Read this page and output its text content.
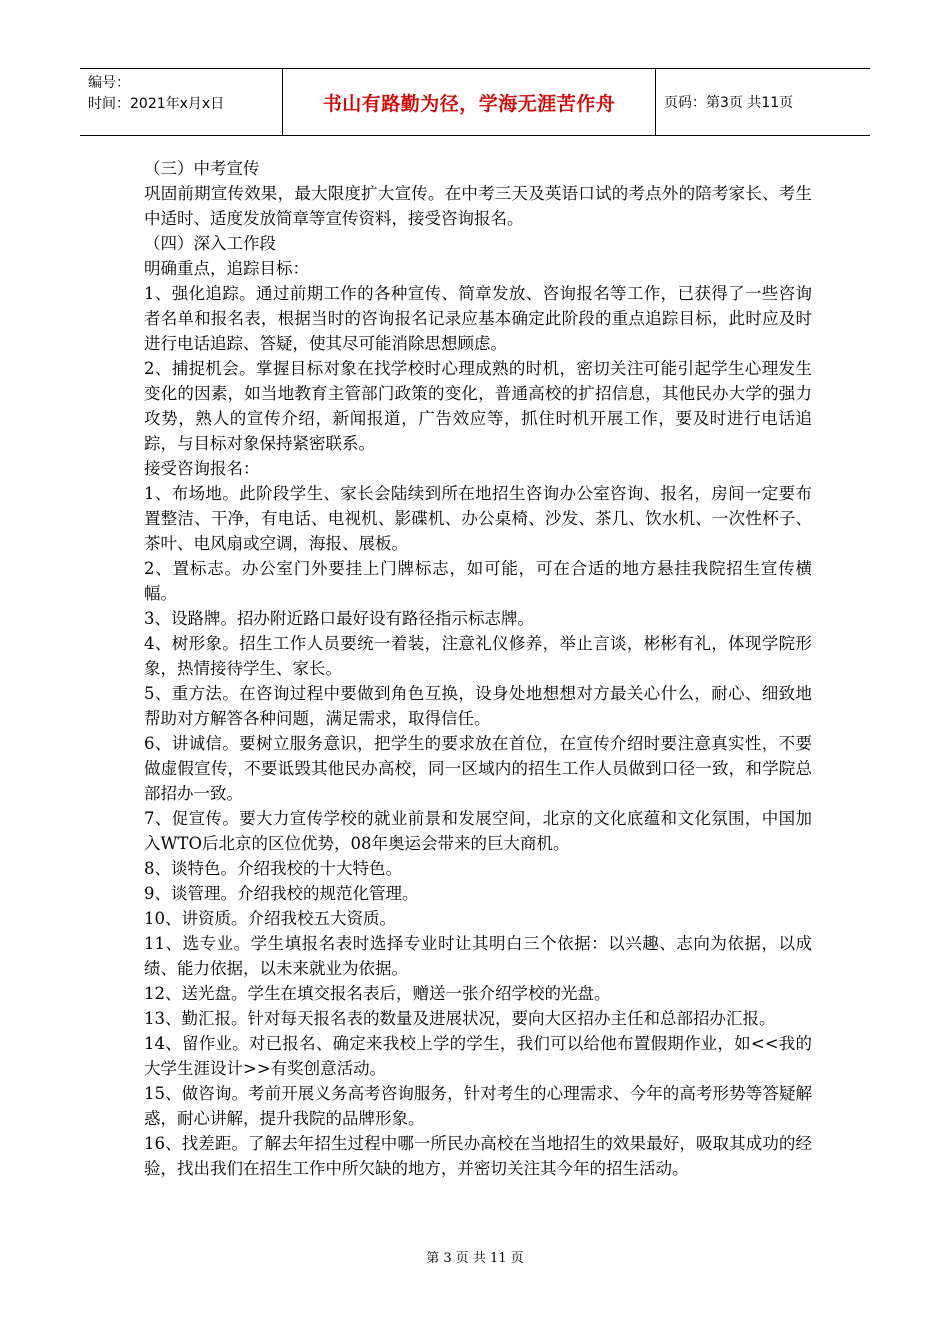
编号：
时间：2021年x月x日	书山有路勤为径，学海无涯苦作舟	页码：第3页 共11页

（三）中考宣传

巩固前期宣传效果，最大限度扩大宣传。在中考三天及英语口试的考点外的陪考家长、考生中适时、适度发放简章等宣传资料，接受咨询报名。

（四）深入工作段

明确重点，追踪目标：

1、强化追踪。通过前期工作的各种宣传、简章发放、咨询报名等工作，已获得了一些咨询者名单和报名表，根据当时的咨询报名记录应基本确定此阶段的重点追踪目标，此时应及时进行电话追踪、答疑，使其尽可能消除思想顾虑。

2、捕捉机会。掌握目标对象在找学校时心理成熟的时机，密切关注可能引起学生心理发生变化的因素，如当地教育主管部门政策的变化，普通高校的扩招信息，其他民办大学的强力攻势，熟人的宣传介绍，新闻报道，广告效应等，抓住时机开展工作，要及时进行电话追踪，与目标对象保持紧密联系。

接受咨询报名：

1、布场地。此阶段学生、家长会陆续到所在地招生咨询办公室咨询、报名，房间一定要布置整洁、干净，有电话、电视机、影碟机、办公桌椅、沙发、茶几、饮水机、一次性杯子、茶叶、电风扇或空调，海报、展板。

2、置标志。办公室门外要挂上门牌标志，如可能，可在合适的地方悬挂我院招生宣传横幅。

3、设路牌。招办附近路口最好设有路径指示标志牌。

4、树形象。招生工作人员要统一着装，注意礼仪修养，举止言谈，彬彬有礼，体现学院形象，热情接待学生、家长。

5、重方法。在咨询过程中要做到角色互换，设身处地想想对方最关心什么，耐心、细致地帮助对方解答各种问题，满足需求，取得信任。

6、讲诚信。要树立服务意识，把学生的要求放在首位，在宣传介绍时要注意真实性，不要做虚假宣传，不要诋毁其他民办高校，同一区域内的招生工作人员做到口径一致，和学院总部招办一致。

7、促宣传。要大力宣传学校的就业前景和发展空间，北京的文化底蕴和文化氛围，中国加入WTO后北京的区位优势，08年奥运会带来的巨大商机。

8、谈特色。介绍我校的十大特色。

9、谈管理。介绍我校的规范化管理。

10、讲资质。介绍我校五大资质。

11、选专业。学生填报名表时选择专业时让其明白三个依据：以兴趣、志向为依据，以成绩、能力依据，以未来就业为依据。

12、送光盘。学生在填交报名表后，赠送一张介绍学校的光盘。

13、勤汇报。针对每天报名表的数量及进展状况，要向大区招办主任和总部招办汇报。

14、留作业。对已报名、确定来我校上学的学生，我们可以给他布置假期作业，如<<我的大学生涯设计>>有奖创意活动。

15、做咨询。考前开展义务高考咨询服务，针对考生的心理需求、今年的高考形势等答疑解惑，耐心讲解，提升我院的品牌形象。

16、找差距。了解去年招生过程中哪一所民办高校在当地招生的效果最好，吸取其成功的经验，找出我们在招生工作中所欠缺的地方，并密切关注其今年的招生活动。

第 3 页 共 11 页
